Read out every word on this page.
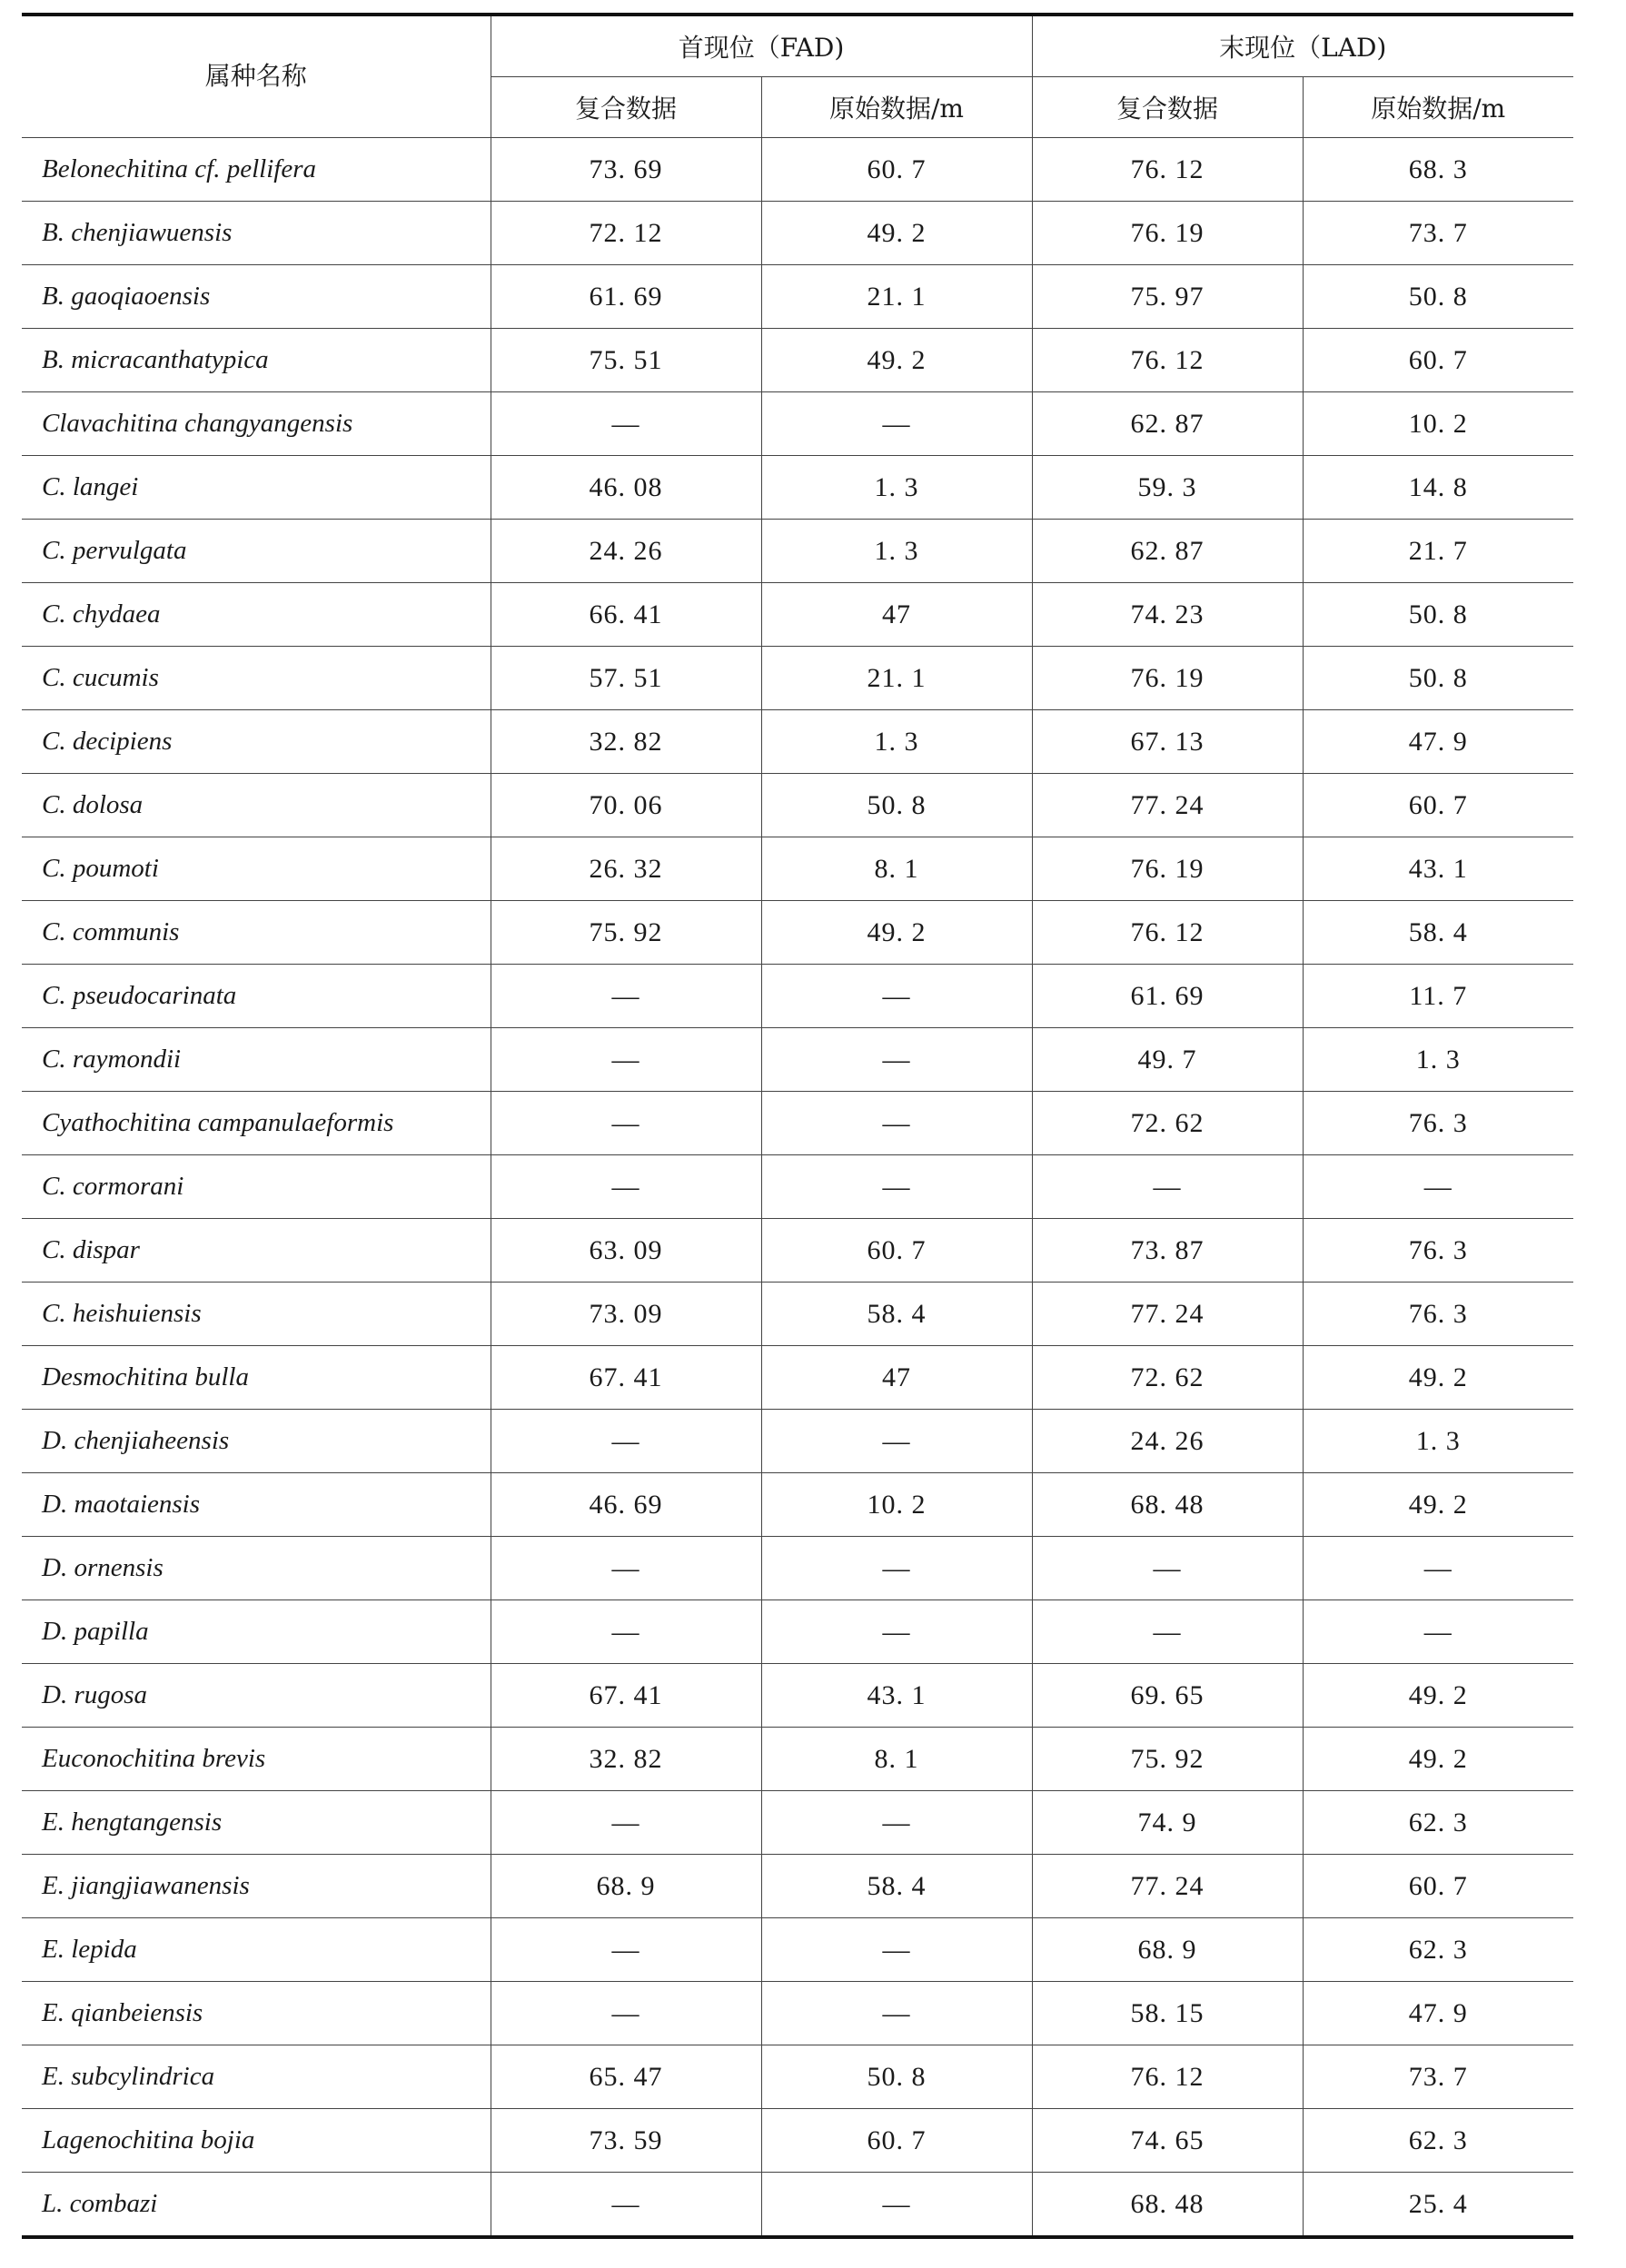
属种名称	首现位（FAD)		末现位（LAD)	
	复合数据	原始数据/m	复合数据	原始数据/m
Belonechitina cf. pellifera	73. 69	60. 7	76. 12	68. 3
B. chenjiawuensis	72. 12	49. 2	76. 19	73. 7
B. gaoqiaoensis	61. 69	21. 1	75. 97	50. 8
B. micracanthatypica	75. 51	49. 2	76. 12	60. 7
Clavachitina changyangensis	—	—	62. 87	10. 2
C. langei	46. 08	1. 3	59. 3	14. 8
C. pervulgata	24. 26	1. 3	62. 87	21. 7
C. chydaea	66. 41	47	74. 23	50. 8
C. cucumis	57. 51	21. 1	76. 19	50. 8
C. decipiens	32. 82	1. 3	67. 13	47. 9
C. dolosa	70. 06	50. 8	77. 24	60. 7
C. poumoti	26. 32	8. 1	76. 19	43. 1
C. communis	75. 92	49. 2	76. 12	58. 4
C. pseudocarinata	—	—	61. 69	11. 7
C. raymondii	—	—	49. 7	1. 3
Cyathochitina campanulaeformis	—	—	72. 62	76. 3
C. cormorani	—	—	—	—
C. dispar	63. 09	60. 7	73. 87	76. 3
C. heishuiensis	73. 09	58. 4	77. 24	76. 3
Desmochitina bulla	67. 41	47	72. 62	49. 2
D. chenjiaheensis	—	—	24. 26	1. 3
D. maotaiensis	46. 69	10. 2	68. 48	49. 2
D. ornensis	—	—	—	—
D. papilla	—	—	—	—
D. rugosa	67. 41	43. 1	69. 65	49. 2
Euconochitina brevis	32. 82	8. 1	75. 92	49. 2
E. hengtangensis	—	—	74. 9	62. 3
E. jiangjiawanensis	68. 9	58. 4	77. 24	60. 7
E. lepida	—	—	68. 9	62. 3
E. qianbeiensis	—	—	58. 15	47. 9
E. subcylindrica	65. 47	50. 8	76. 12	73. 7
Lagenochitina bojia	73. 59	60. 7	74. 65	62. 3
L. combazi	—	—	68. 48	25. 4
